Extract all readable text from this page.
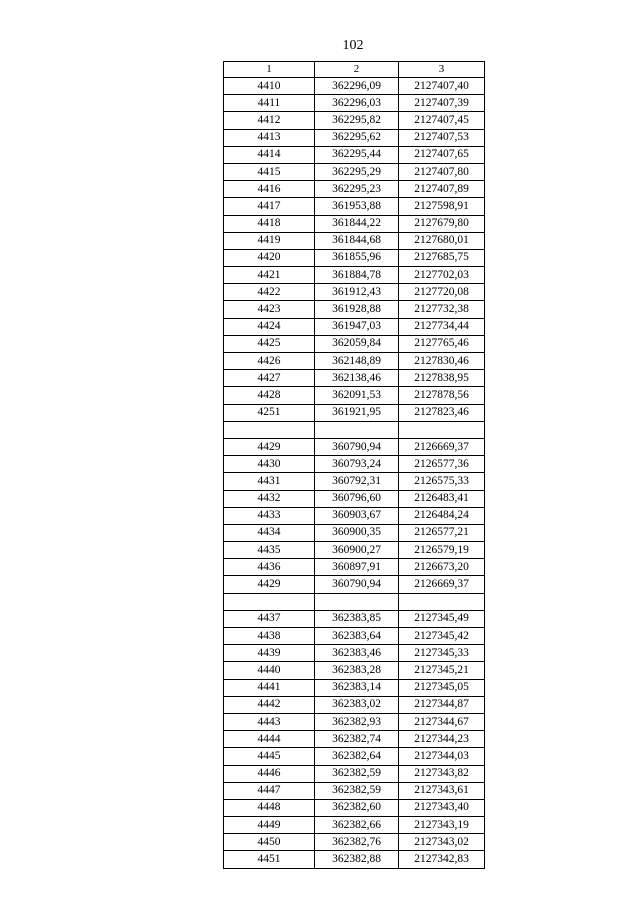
102
1	2	3
4410	362296,09	2127407,40
4411	362296,03	2127407,39
4412	362295,82	2127407,45
4413	362295,62	2127407,53
4414	362295,44	2127407,65
4415	362295,29	2127407,80
4416	362295,23	2127407,89
4417	361953,88	2127598,91
4418	361844,22	2127679,80
4419	361844,68	2127680,01
4420	361855,96	2127685,75
4421	361884,78	2127702,03
4422	361912,43	2127720,08
4423	361928,88	2127732,38
4424	361947,03	2127734,44
4425	362059,84	2127765,46
4426	362148,89	2127830,46
4427	362138,46	2127838,95
4428	362091,53	2127878,56
4251	361921,95	2127823,46

4429	360790,94	2126669,37
4430	360793,24	2126577,36
4431	360792,31	2126575,33
4432	360796,60	2126483,41
4433	360903,67	2126484,24
4434	360900,35	2126577,21
4435	360900,27	2126579,19
4436	360897,91	2126673,20
4429	360790,94	2126669,37

4437	362383,85	2127345,49
4438	362383,64	2127345,42
4439	362383,46	2127345,33
4440	362383,28	2127345,21
4441	362383,14	2127345,05
4442	362383,02	2127344,87
4443	362382,93	2127344,67
4444	362382,74	2127344,23
4445	362382,64	2127344,03
4446	362382,59	2127343,82
4447	362382,59	2127343,61
4448	362382,60	2127343,40
4449	362382,66	2127343,19
4450	362382,76	2127343,02
4451	362382,88	2127342,83
